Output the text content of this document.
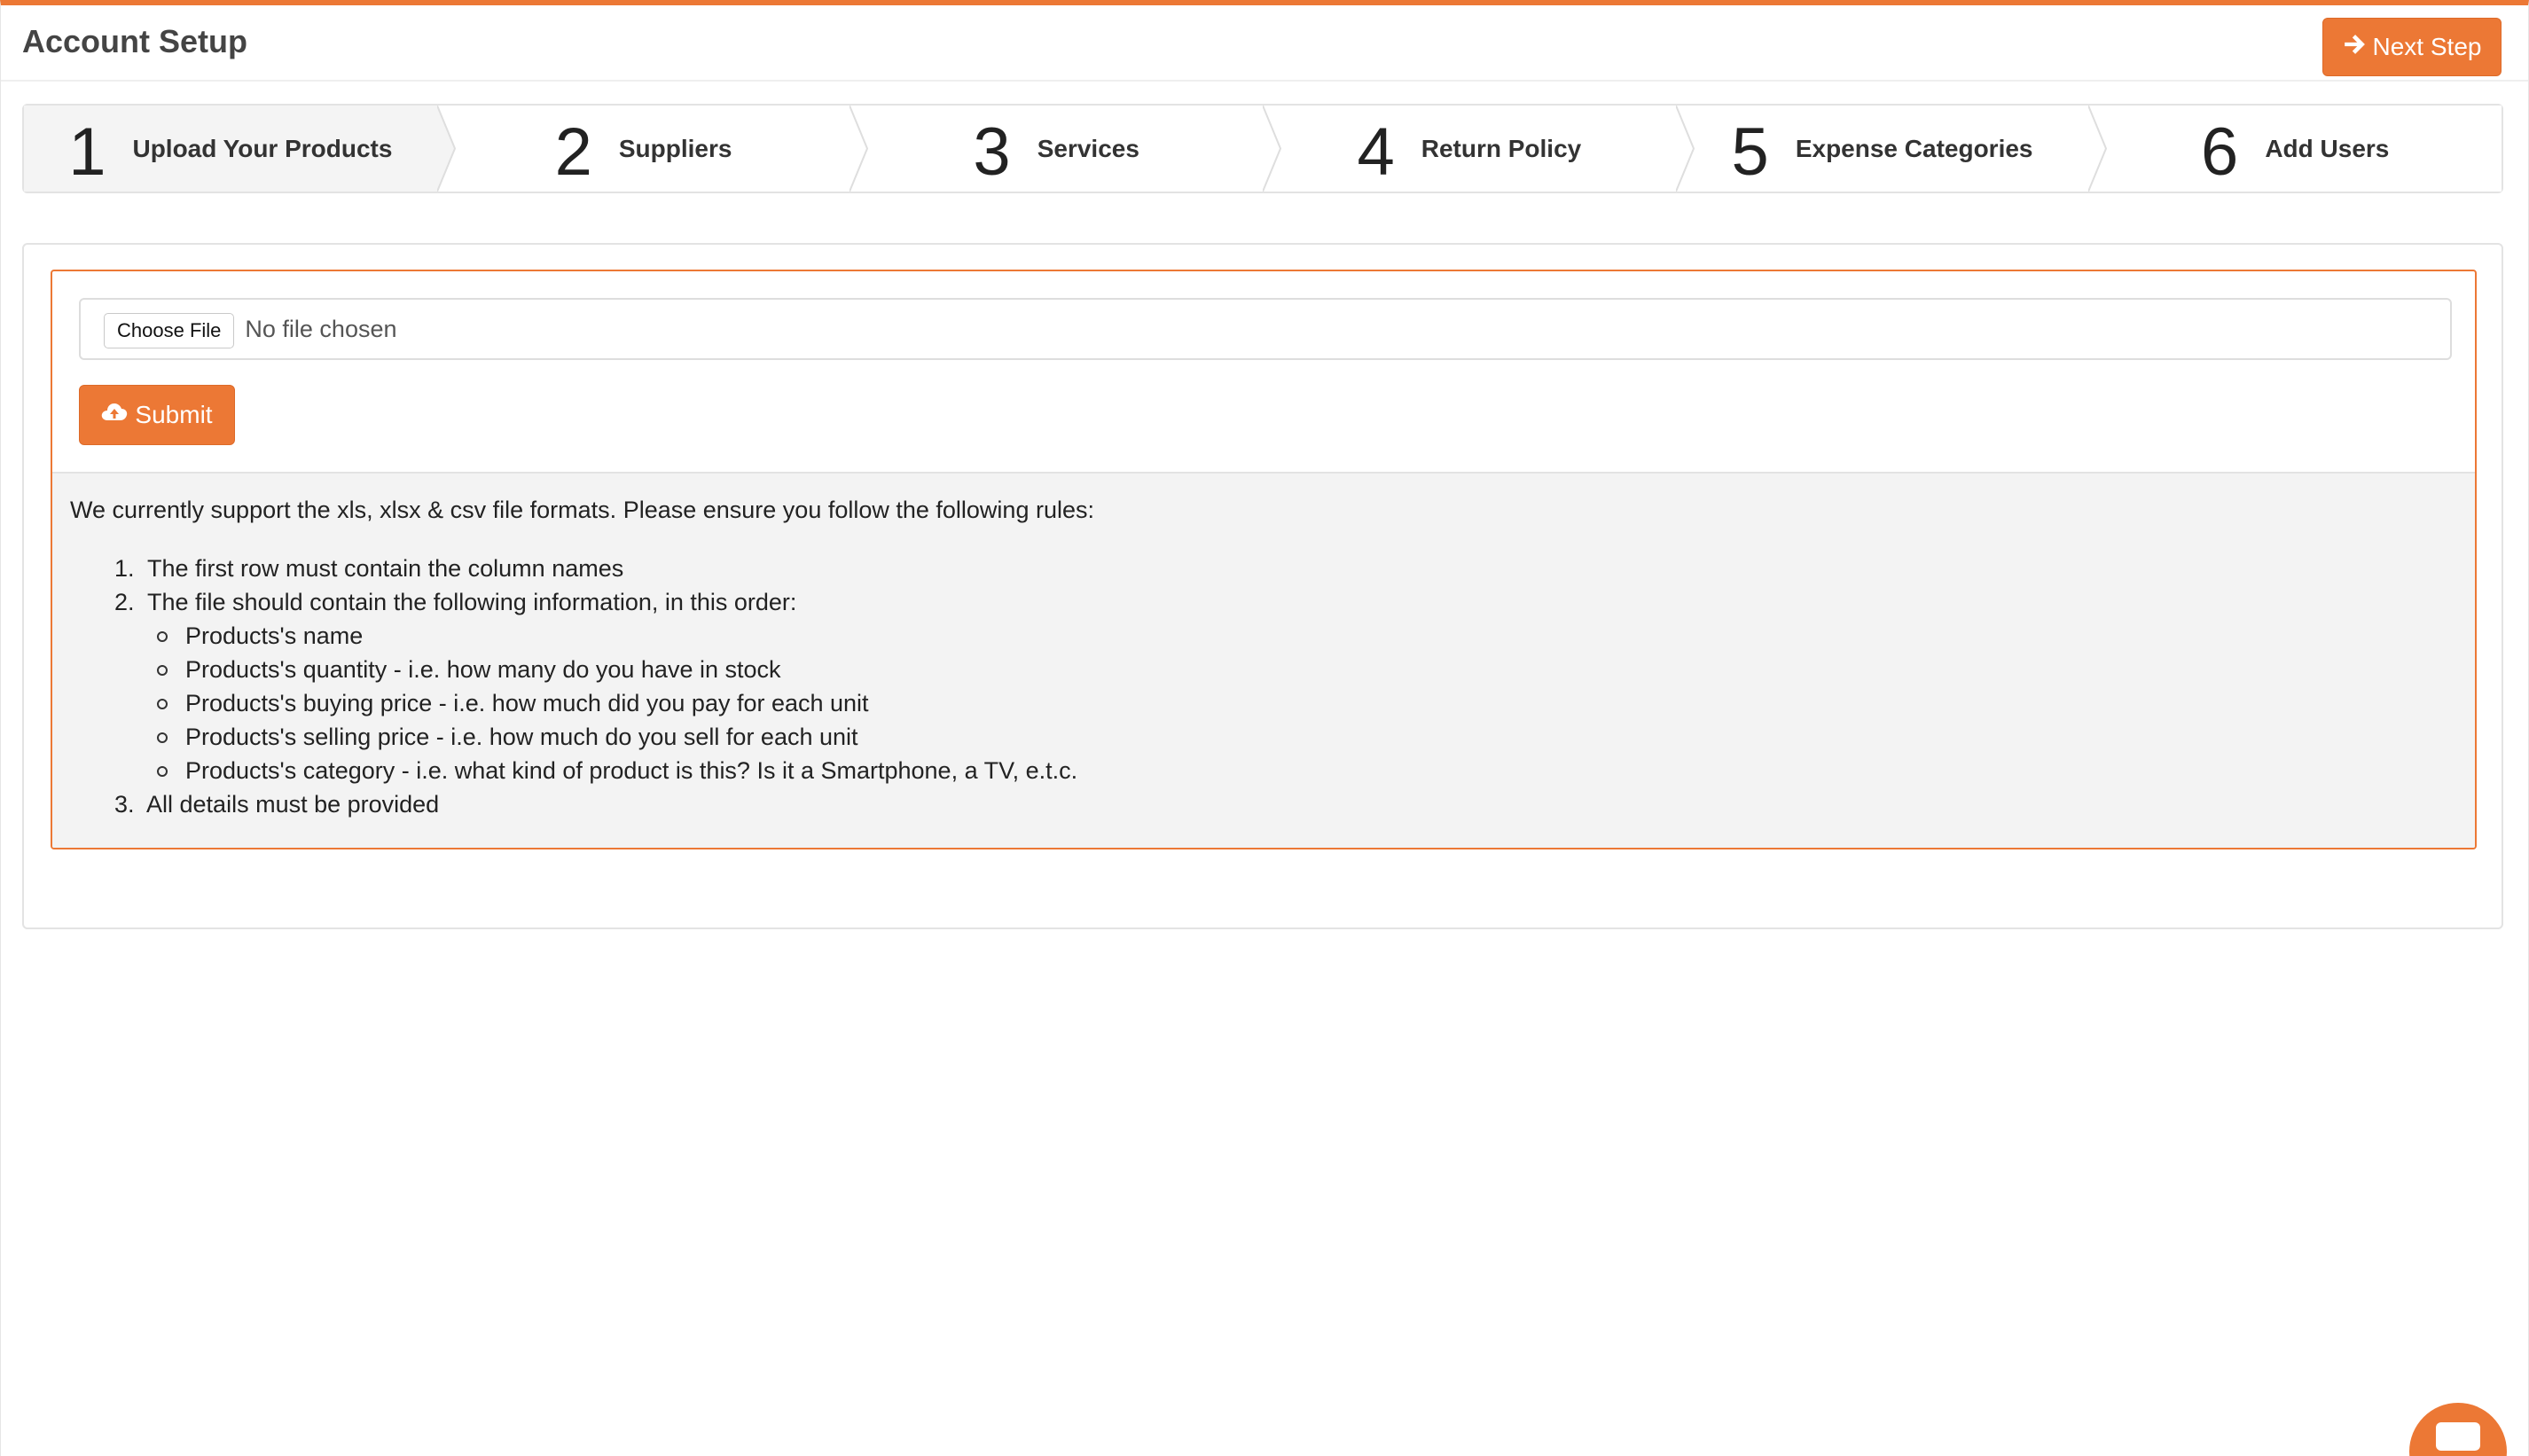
Account Setup	Next Step
1 Upload Your Products 2 Suppliers	3 Services	4 Return Policy 5 Expense Categories 6 Add Users
Choose File	No file chosen
Submit

We currently support the xls, xlsx & csv file formats. Please ensure you follow the following rules:

1. The first row must contain the column names
2. The file should contain the following information, in this order:
Products's name
Products's quantity - i.e. how many do you have in stock
Products's buying price - i.e. how much did you pay for each unit
Products's selling price - i.e. how much do you sell for each unit
Products's category - i.e. what kind of product is this? Is it a Smartphone, a TV, e.t.c.
3. All details must be provided
